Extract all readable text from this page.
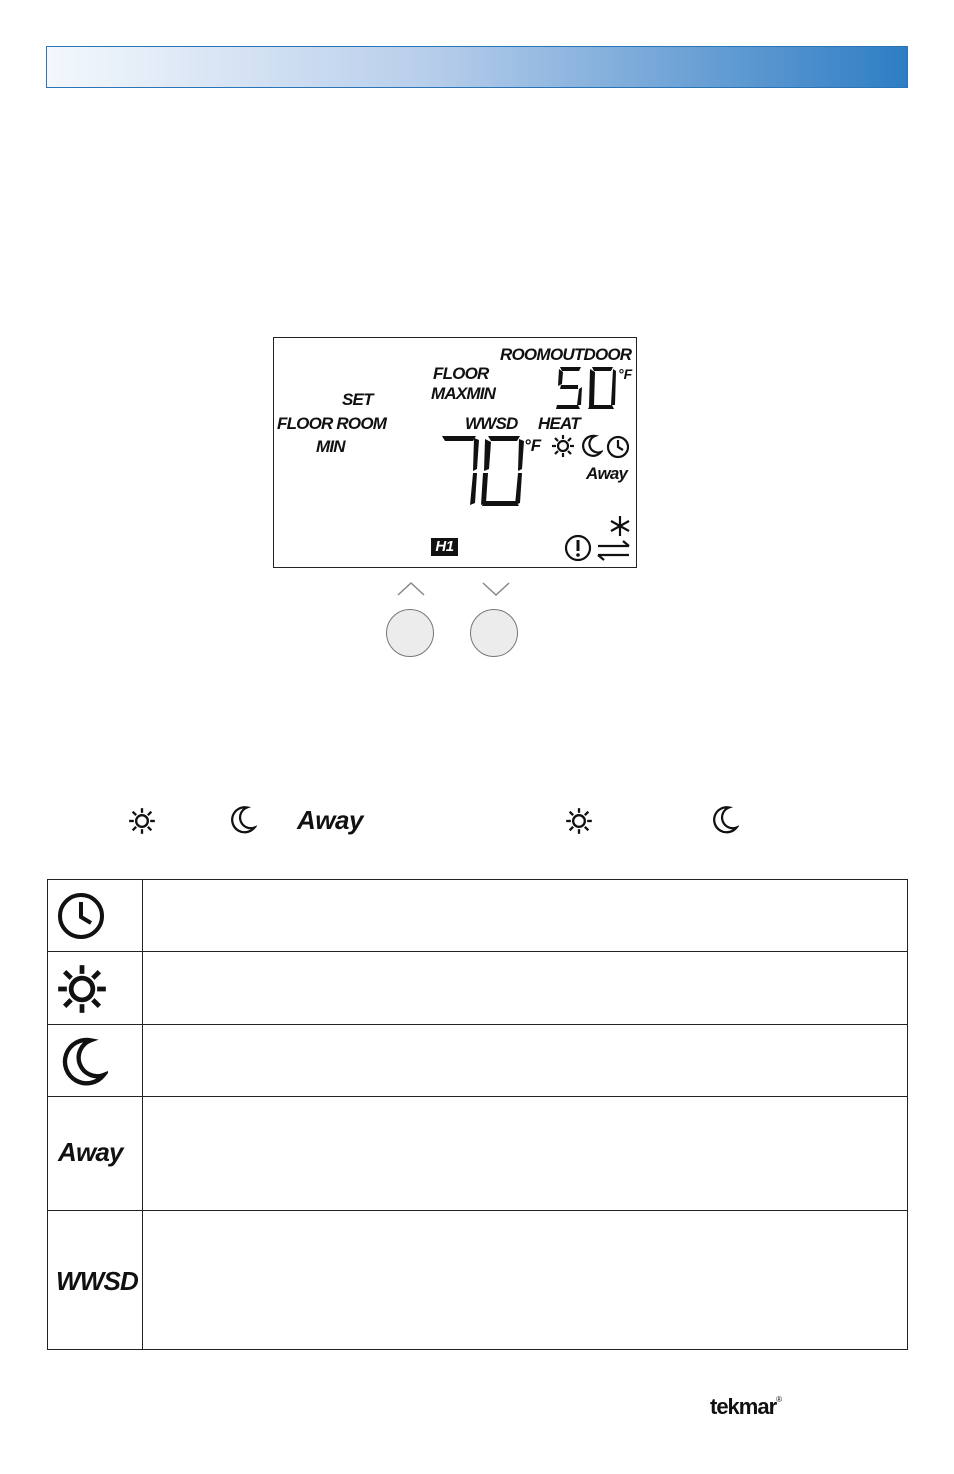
ROOM OUTDOOR
FLOOR
MAXMIN
SET
FLOOR ROOM
MIN
WWSD HEAT
°F
°F
Away
H1
Away
Away
WWSD
tekmar®
